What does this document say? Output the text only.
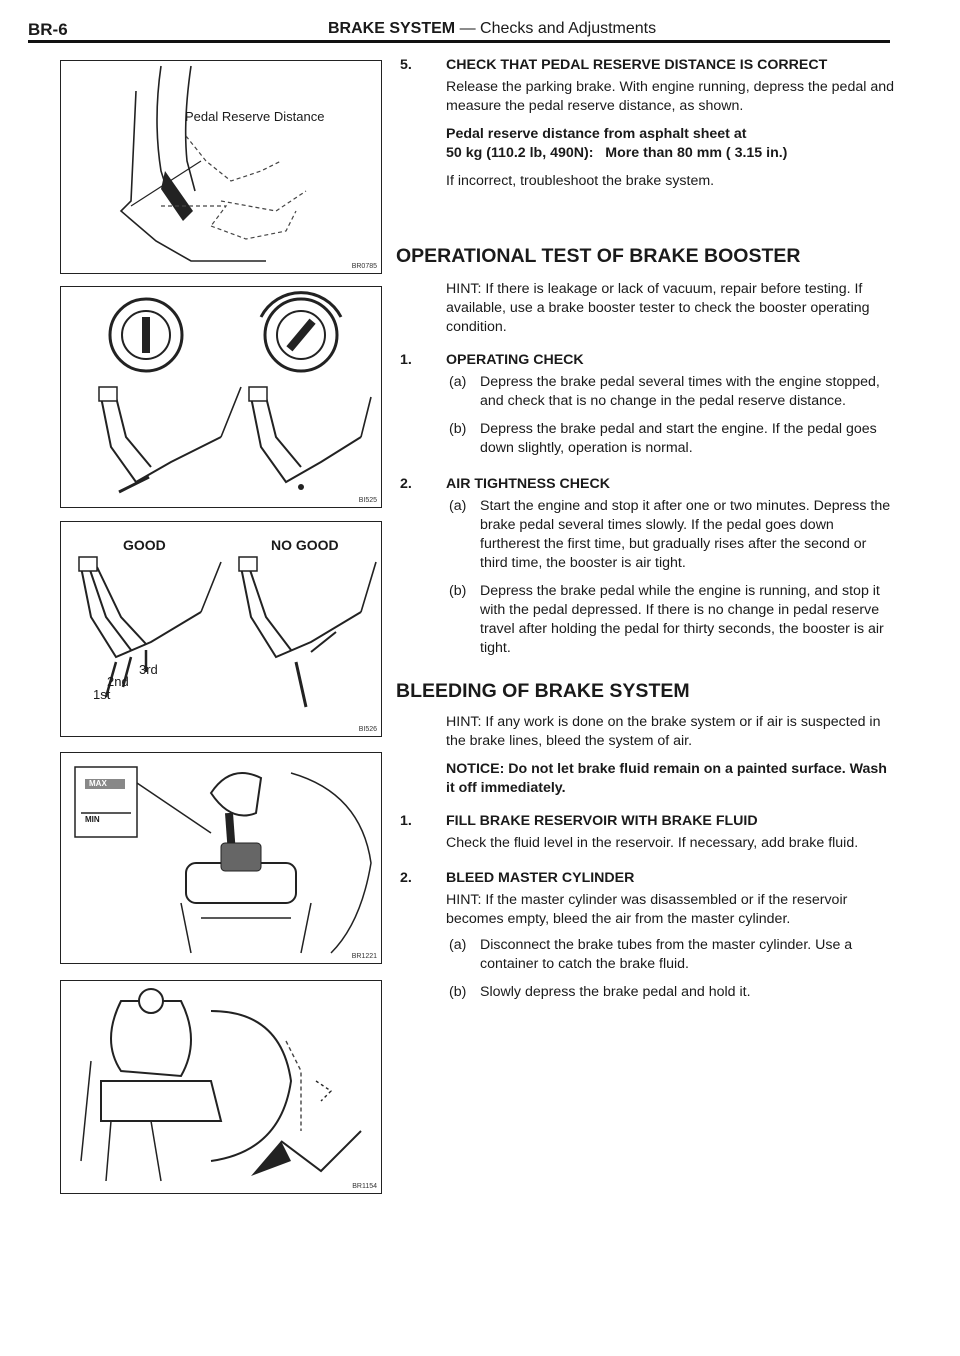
BR-6	BRAKE SYSTEM — Checks and Adjustments
Pedal Reserve Distance
BR0785
BI525
GOOD	NO GOOD
1st
2nd
3rd
BI526
MAX
MIN
BR1221
BR1154
5. CHECK THAT PEDAL RESERVE DISTANCE IS CORRECT

Release the parking brake. With engine running, depress the pedal and measure the pedal reserve distance, as shown.

Pedal reserve distance from asphalt sheet at

50 kg (110.2 lb, 490N):   More than 80 mm ( 3.15 in.)

If incorrect, troubleshoot the brake system.

OPERATIONAL TEST OF BRAKE BOOSTER

HINT: If there is leakage or lack of vacuum, repair before testing. If available, use a brake booster tester to check the booster operating condition.

1. OPERATING CHECK

(a) Depress the brake pedal several times with the engine stopped, and check that is no change in the pedal reserve distance.

(b) Depress the brake pedal and start the engine. If the pedal goes down slightly, operation is normal.

2. AIR TIGHTNESS CHECK

(a) Start the engine and stop it after one or two minutes. Depress the brake pedal several times slowly. If the pedal goes down furtherest the first time, but gradually rises after the second or third time, the booster is air tight.

(b) Depress the brake pedal while the engine is running, and stop it with the pedal depressed. If there is no change in pedal reserve travel after holding the pedal for thirty seconds, the booster is air tight.

BLEEDING OF BRAKE SYSTEM

HINT: If any work is done on the brake system or if air is suspected in the brake lines, bleed the system of air.

NOTICE: Do not let brake fluid remain on a painted surface. Wash it off immediately.

1. FILL BRAKE RESERVOIR WITH BRAKE FLUID

Check the fluid level in the reservoir. If necessary, add brake fluid.

2. BLEED MASTER CYLINDER

HINT: If the master cylinder was disassembled or if the reservoir becomes empty, bleed the air from the master cylinder.

(a) Disconnect the brake tubes from the master cylinder. Use a container to catch the brake fluid.

(b) Slowly depress the brake pedal and hold it.
